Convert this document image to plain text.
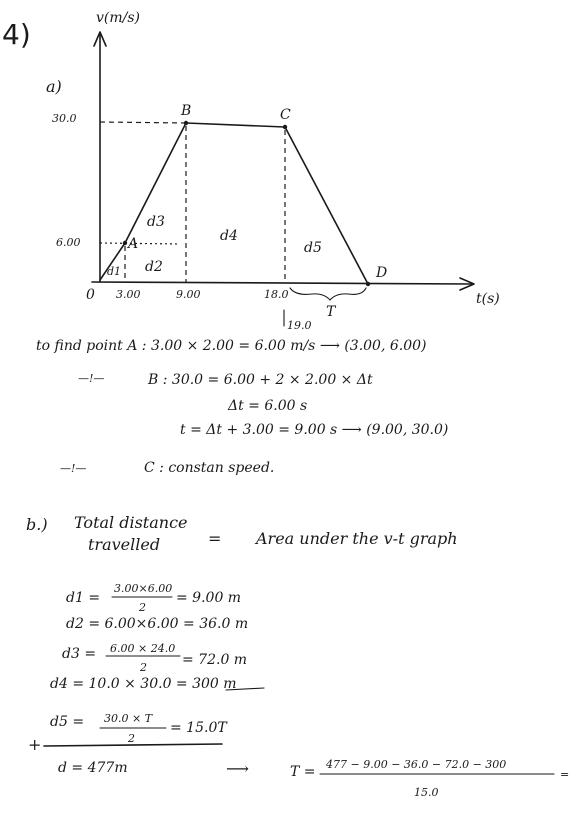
4)
a)
v(m/s)
t(s)
0
30.0
6.00
3.00	9.00	18.0
19.0
A
B	C
D
d1 d2
d3
d4
d5
T
to find point A : 3.00 × 2.00 = 6.00 m/s ⟶ (3.00, 6.00)
—!—	B : 30.0 = 6.00 + 2 × 2.00 × Δt
Δt = 6.00 s
t = Δt + 3.00 = 9.00 s ⟶ (9.00, 30.0)
—!—	C : constan speed.
b.) Total distance
travelled	= Area under the v-t graph
d1 =
3.00×6.00
2
= 9.00 m
d2 = 6.00×6.00 = 36.0 m
d3 = 6.00 × 24.0
2	= 72.0 m
d4 = 10.0 × 30.0 = 300 m
d5 = 30.0 × T
2
= 15.0T
+
d = 477m	⟶	T = 477 − 9.00 − 36.0 − 72.0 − 300
15.0
=
